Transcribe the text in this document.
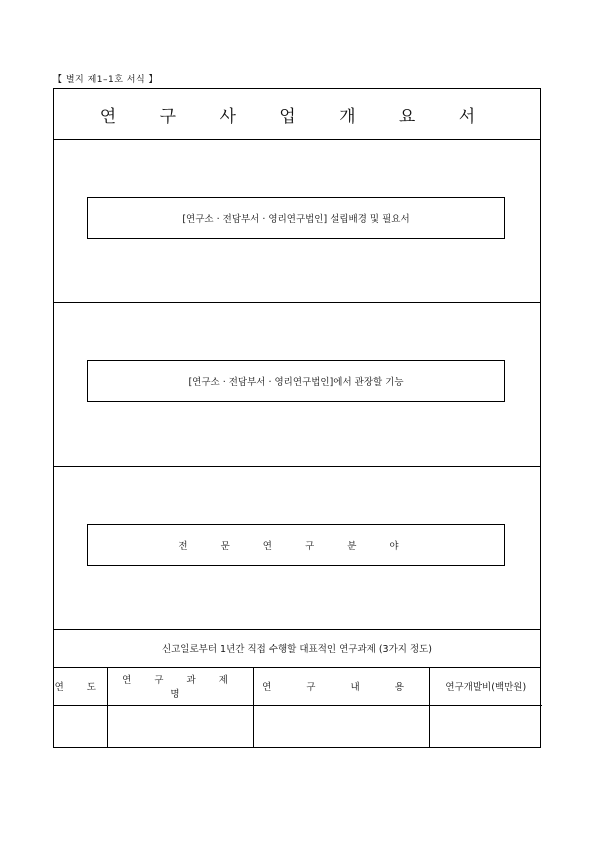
【 별지 제1–1호 서식 】
연 구 사 업 개 요 서
[연구소 · 전담부서 · 영리연구법인] 설립배경 및 필요서
[연구소 · 전담부서 · 영리연구법인]에서 관장할 기능
전 문 연 구 분 야
신고일로부터 1년간 직접 수행할 대표적인 연구과제 (3가지 정도)
연 도	연 구 과 제 명	연 구 내 용	연구개발비(백만원)
